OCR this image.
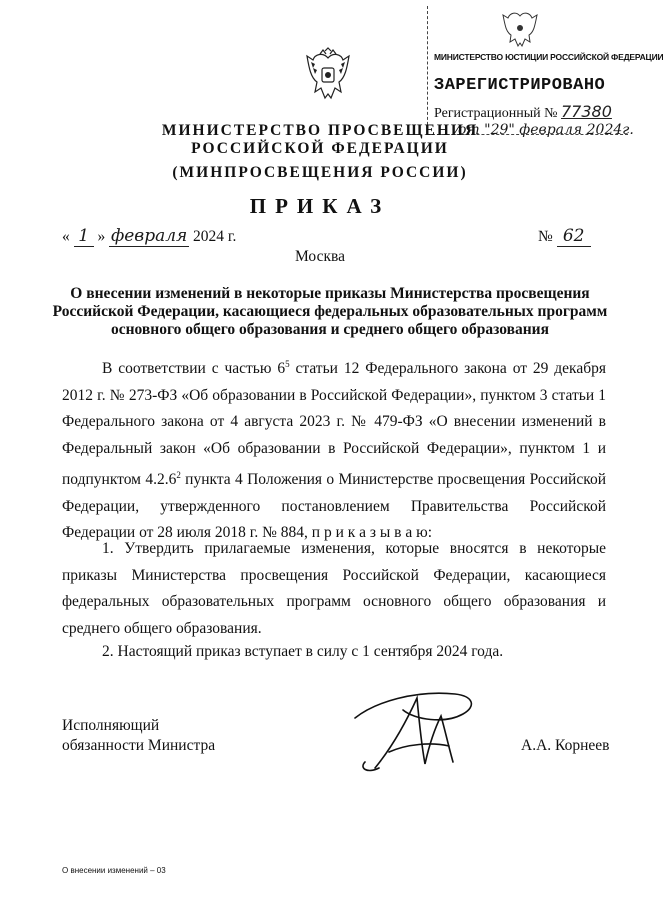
МИНИСТЕРСТВО ЮСТИЦИИ РОССИЙСКОЙ ФЕДЕРАЦИИ
ЗАРЕГИСТРИРОВАНО
Регистрационный № 77380
от "29" февраля 2024г.
МИНИСТЕРСТВО ПРОСВЕЩЕНИЯ
РОССИЙСКОЙ ФЕДЕРАЦИИ
(МИНПРОСВЕЩЕНИЯ РОССИИ)
ПРИКАЗ
« 1 » февраля 2024 г.	№ 62
Москва
О внесении изменений в некоторые приказы Министерства просвещения
Российской Федерации, касающиеся федеральных образовательных программ
основного общего образования и среднего общего образования
В соответствии с частью $6^5$ статьи 12 Федерального закона от 29 декабря 2012 г. № 273-ФЗ «Об образовании в Российской Федерации», пунктом 3 статьи 1 Федерального закона от 4 августа 2023 г. № 479-ФЗ «О внесении изменений в Федеральный закон «Об образовании в Российской Федерации», пунктом 1 и подпунктом 4.2.6$^2$ пункта 4 Положения о Министерстве просвещения Российской Федерации, утвержденного постановлением Правительства Российской Федерации от 28 июля 2018 г. № 884, п р и к а з ы в а ю:
1. Утвердить прилагаемые изменения, которые вносятся в некоторые приказы Министерства просвещения Российской Федерации, касающиеся федеральных образовательных программ основного общего образования и среднего общего образования.
2. Настоящий приказ вступает в силу с 1 сентября 2024 года.
Исполняющий
обязанности Министра	А.А. Корнеев
О внесении изменений – 03
